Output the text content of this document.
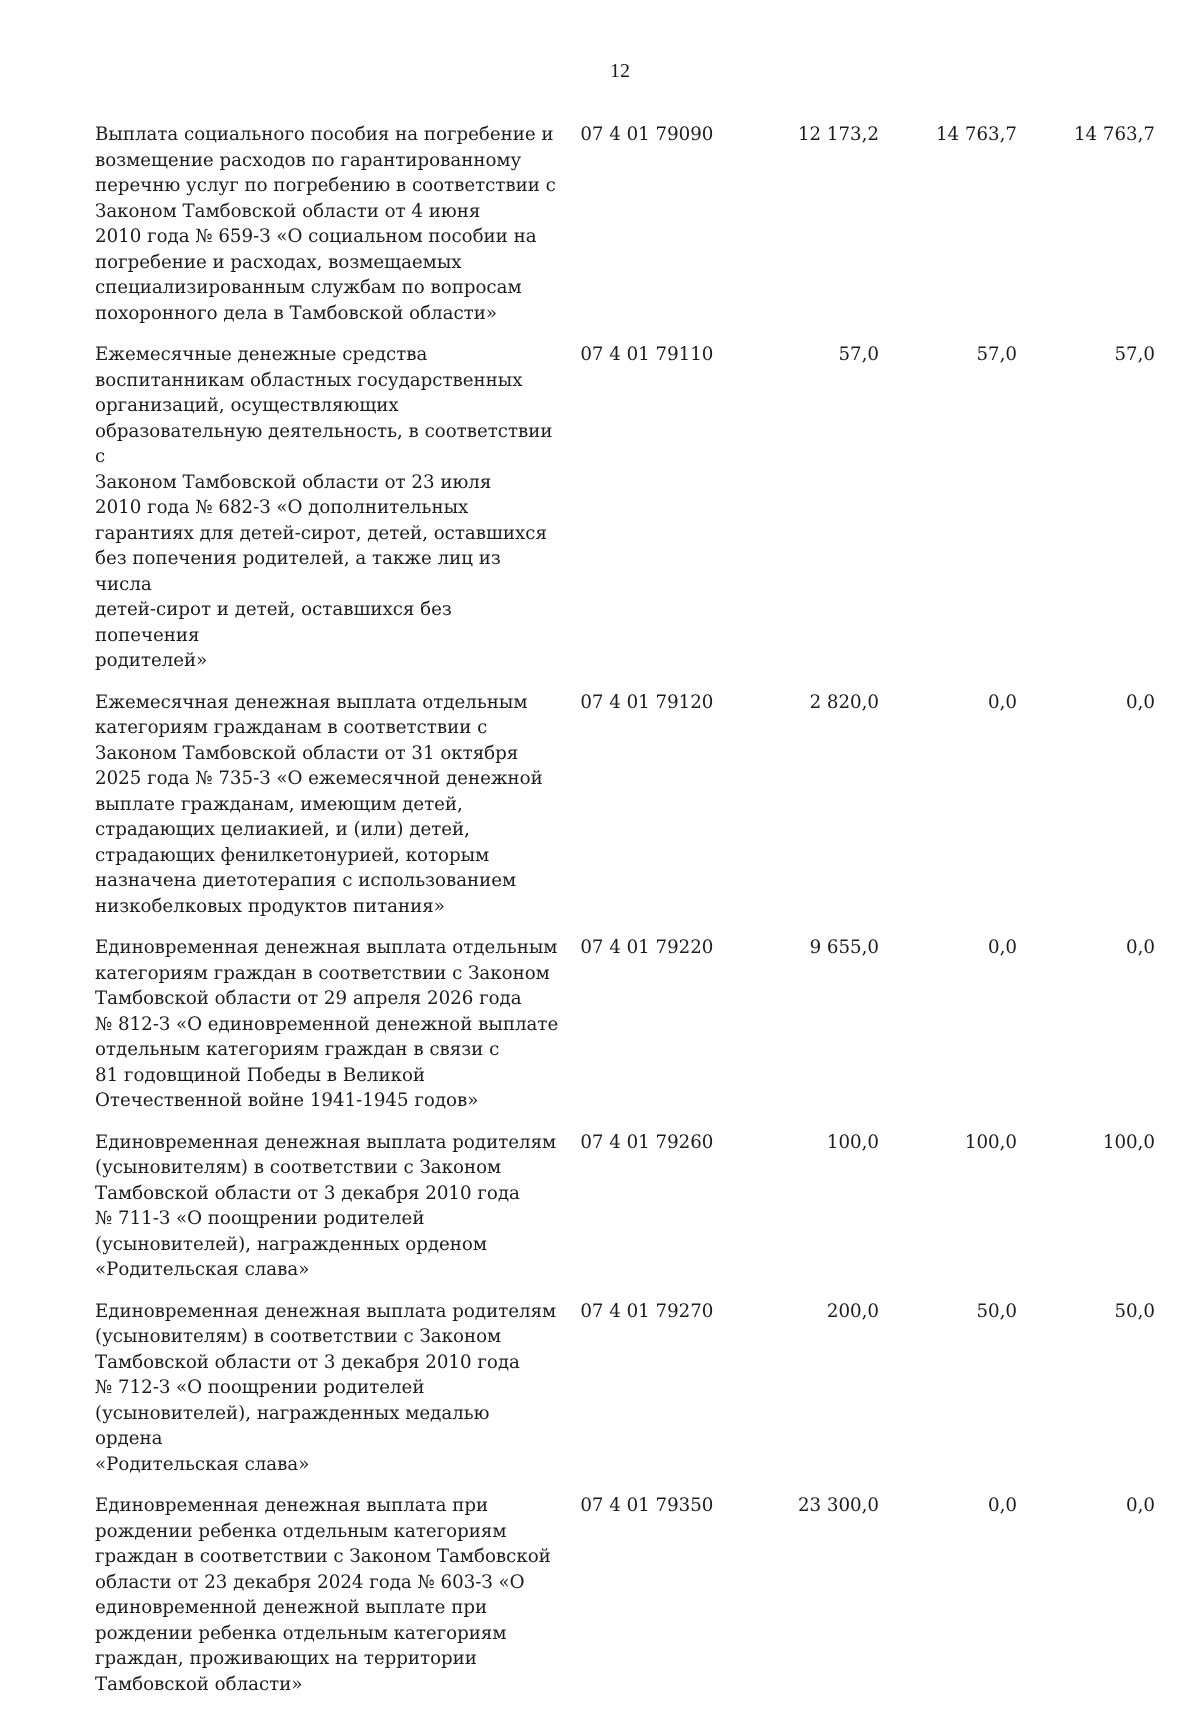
12
Выплата социального пособия на погребение и
возмещение расходов по гарантированному
перечню услуг по погребению в соответствии с
Законом Тамбовской области от 4 июня
2010 года № 659-З «О социальном пособии на
погребение и расходах, возмещаемых
специализированным службам по вопросам
похоронного дела в Тамбовской области»
07 4 01 79090	12 173,2	14 763,7	14 763,7
Ежемесячные денежные средства
воспитанникам областных государственных
организаций, осуществляющих
образовательную деятельность, в соответствии с
Законом Тамбовской области от 23 июля
2010 года № 682-З «О дополнительных
гарантиях для детей-сирот, детей, оставшихся
без попечения родителей, а также лиц из числа
детей-сирот и детей, оставшихся без попечения
родителей»
07 4 01 79110	57,0	57,0	57,0
Ежемесячная денежная выплата отдельным
категориям гражданам в соответствии с
Законом Тамбовской области от 31 октября
2025 года № 735-З «О ежемесячной денежной
выплате гражданам, имеющим детей,
страдающих целиакией, и (или) детей,
страдающих фенилкетонурией, которым
назначена диетотерапия с использованием
низкобелковых продуктов питания»
07 4 01 79120	2 820,0	0,0	0,0
Единовременная денежная выплата отдельным
категориям граждан в соответствии с Законом
Тамбовской области от 29 апреля 2026 года
№ 812-З «О единовременной денежной выплате
отдельным категориям граждан в связи с
81 годовщиной Победы в Великой
Отечественной войне 1941-1945 годов»
07 4 01 79220	9 655,0	0,0	0,0
Единовременная денежная выплата родителям
(усыновителям) в соответствии с Законом
Тамбовской области от 3 декабря 2010 года
№ 711-З «О поощрении родителей
(усыновителей), награжденных орденом
«Родительская слава»
07 4 01 79260	100,0	100,0	100,0
Единовременная денежная выплата родителям
(усыновителям) в соответствии с Законом
Тамбовской области от 3 декабря 2010 года
№ 712-З «О поощрении родителей
(усыновителей), награжденных медалью ордена
«Родительская слава»
07 4 01 79270	200,0	50,0	50,0
Единовременная денежная выплата при
рождении ребенка отдельным категориям
граждан в соответствии с Законом Тамбовской
области от 23 декабря 2024 года № 603-З «О
единовременной денежной выплате при
рождении ребенка отдельным категориям
граждан, проживающих на территории
Тамбовской области»
07 4 01 79350	23 300,0	0,0	0,0
